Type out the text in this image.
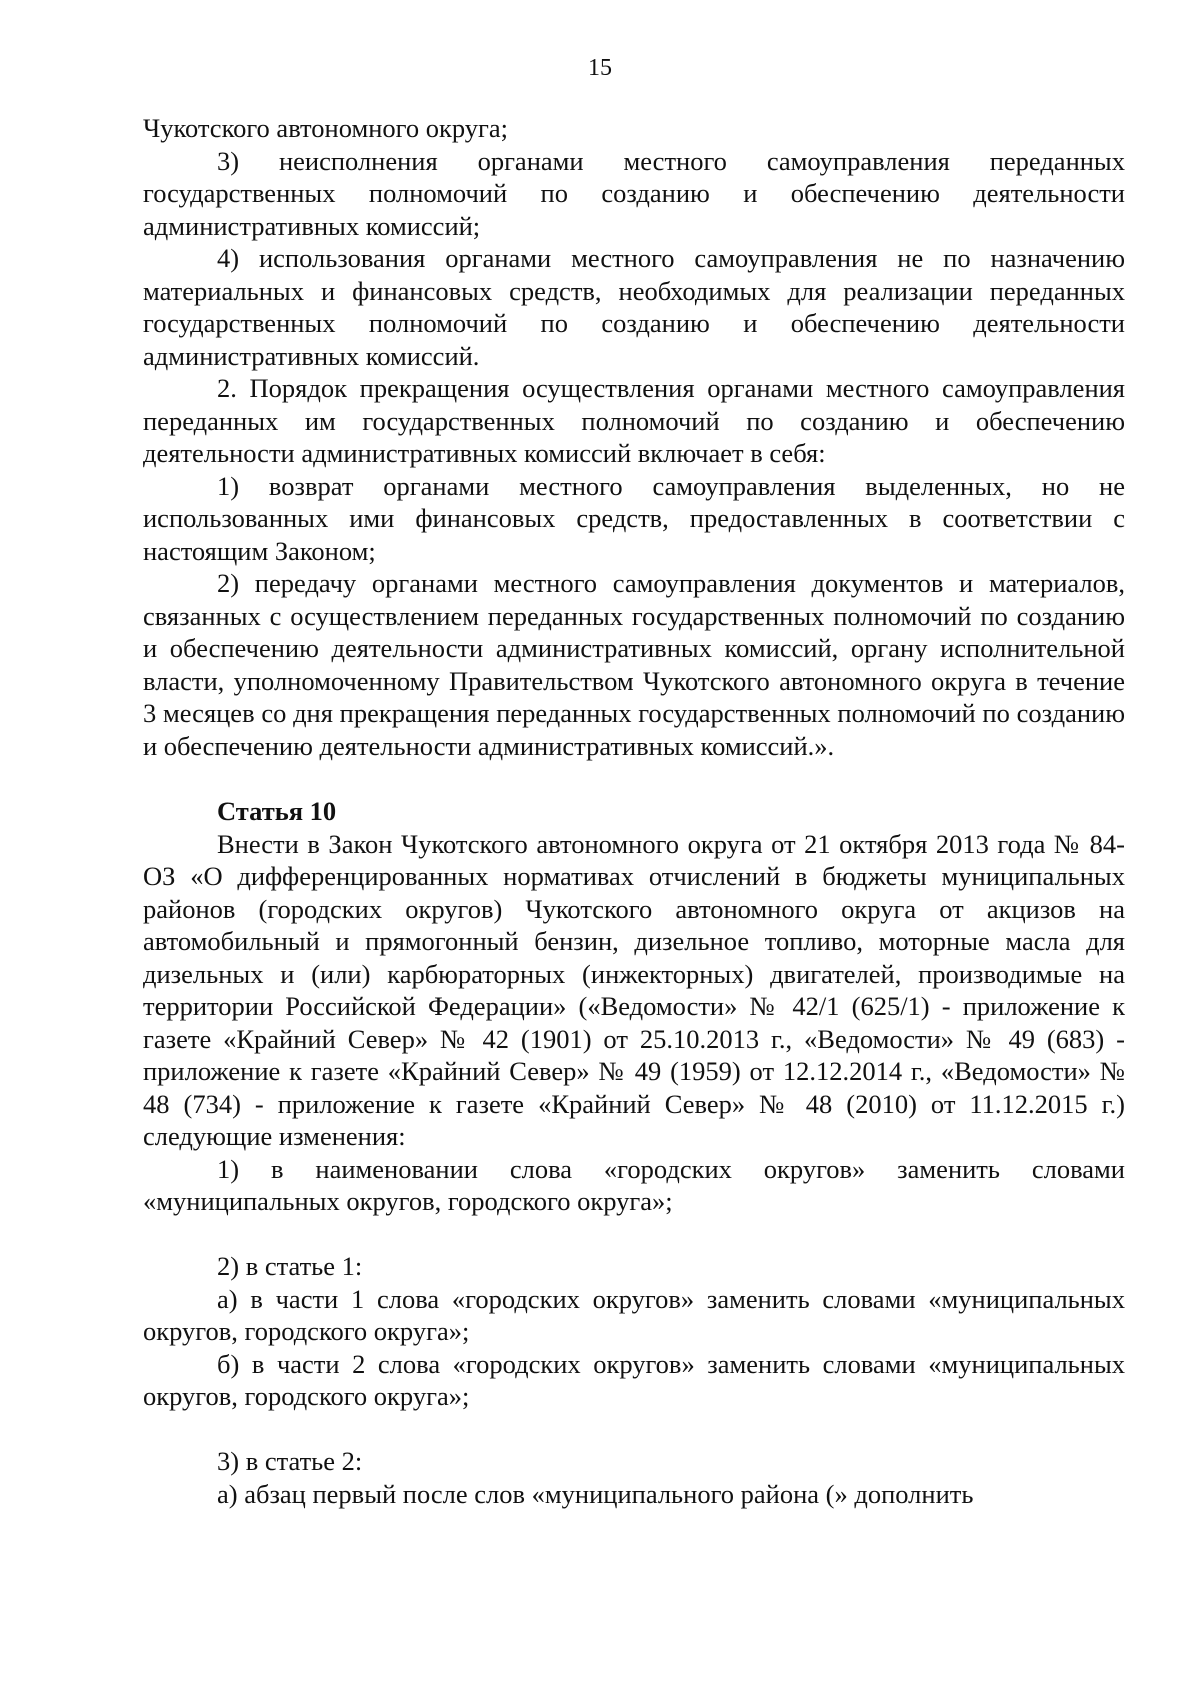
15

Чукотского автономного округа;

3) неисполнения органами местного самоуправления переданных государственных полномочий по созданию и обеспечению деятельности административных комиссий;

4) использования органами местного самоуправления не по назначению материальных и финансовых средств, необходимых для реализации переданных государственных полномочий по созданию и обеспечению деятельности административных комиссий.

2. Порядок прекращения осуществления органами местного самоуправления переданных им государственных полномочий по созданию и обеспечению деятельности административных комиссий включает в себя:

1) возврат органами местного самоуправления выделенных, но не использованных ими финансовых средств, предоставленных в соответствии с настоящим Законом;

2) передачу органами местного самоуправления документов и материалов, связанных с осуществлением переданных государственных полномочий по созданию и обеспечению деятельности административных комиссий, органу исполнительной власти, уполномоченному Правительством Чукотского автономного округа в течение 3 месяцев со дня прекращения переданных государственных полномочий по созданию и обеспечению деятельности административных комиссий.».

Статья 10

Внести в Закон Чукотского автономного округа от 21 октября 2013 года № 84-ОЗ «О дифференцированных нормативах отчислений в бюджеты муниципальных районов (городских округов) Чукотского автономного округа от акцизов на автомобильный и прямогонный бензин, дизельное топливо, моторные масла для дизельных и (или) карбюраторных (инжекторных) двигателей, производимые на территории Российской Федерации» («Ведомости» № 42/1 (625/1) - приложение к газете «Крайний Север» № 42 (1901) от 25.10.2013 г., «Ведомости» № 49 (683) - приложение к газете «Крайний Север» № 49 (1959) от 12.12.2014 г., «Ведомости» № 48 (734) - приложение к газете «Крайний Север» № 48 (2010) от 11.12.2015 г.) следующие изменения:

1) в наименовании слова «городских округов» заменить словами «муниципальных округов, городского округа»;

2) в статье 1:

а) в части 1 слова «городских округов» заменить словами «муниципальных округов, городского округа»;

б) в части 2 слова «городских округов» заменить словами «муниципальных округов, городского округа»;

3) в статье 2:

а) абзац первый после слов «муниципального района (» дополнить
